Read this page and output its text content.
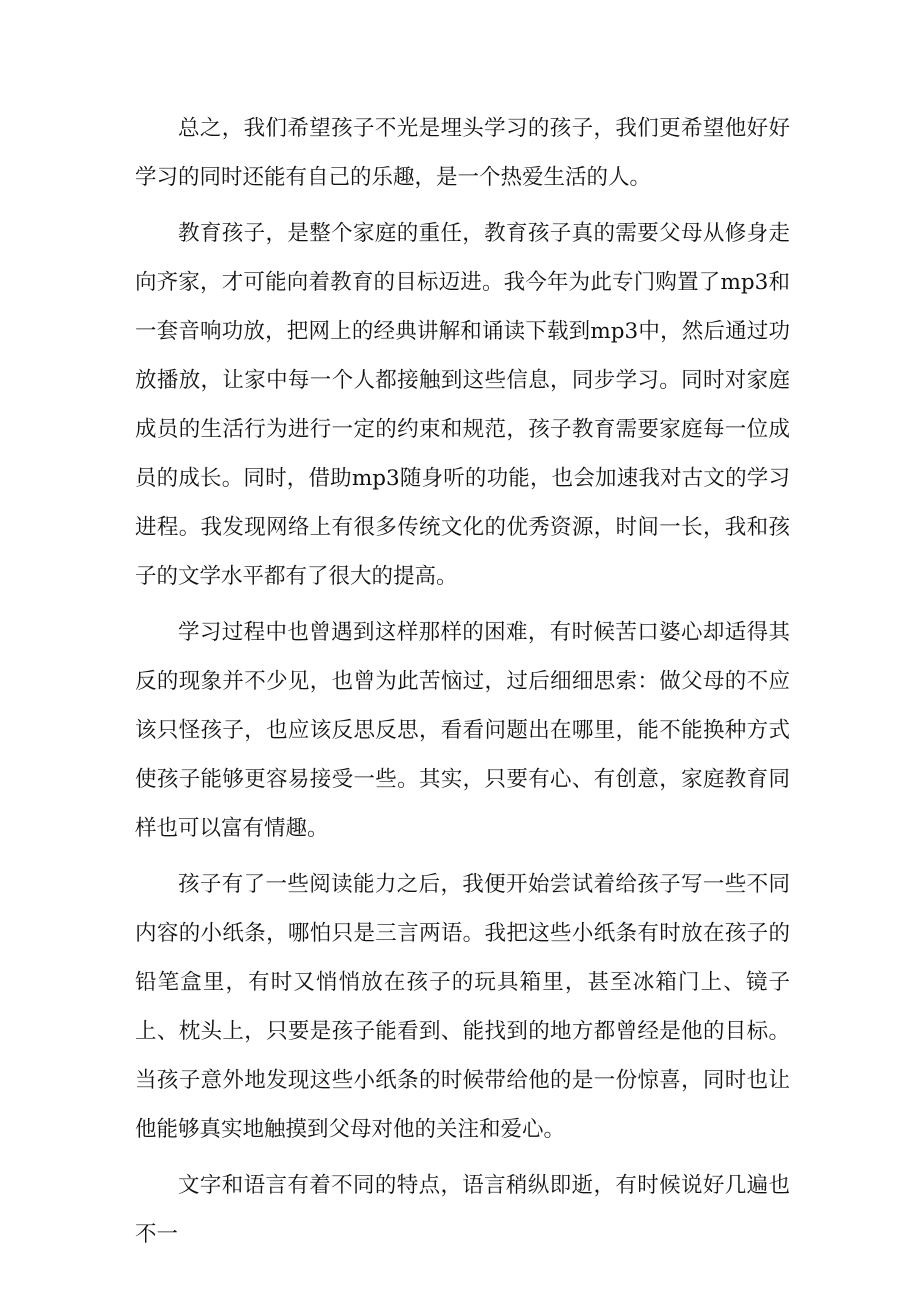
总之，我们希望孩子不光是埋头学习的孩子，我们更希望他好好学习的同时还能有自己的乐趣，是一个热爱生活的人。

教育孩子，是整个家庭的重任，教育孩子真的需要父母从修身走向齐家，才可能向着教育的目标迈进。我今年为此专门购置了mp3和一套音响功放，把网上的经典讲解和诵读下载到mp3中，然后通过功放播放，让家中每一个人都接触到这些信息，同步学习。同时对家庭成员的生活行为进行一定的约束和规范，孩子教育需要家庭每一位成员的成长。同时，借助mp3随身听的功能，也会加速我对古文的学习进程。我发现网络上有很多传统文化的优秀资源，时间一长，我和孩子的文学水平都有了很大的提高。

学习过程中也曾遇到这样那样的困难，有时候苦口婆心却适得其反的现象并不少见，也曾为此苦恼过，过后细细思索：做父母的不应该只怪孩子，也应该反思反思，看看问题出在哪里，能不能换种方式使孩子能够更容易接受一些。其实，只要有心、有创意，家庭教育同样也可以富有情趣。

孩子有了一些阅读能力之后，我便开始尝试着给孩子写一些不同内容的小纸条，哪怕只是三言两语。我把这些小纸条有时放在孩子的铅笔盒里，有时又悄悄放在孩子的玩具箱里，甚至冰箱门上、镜子上、枕头上，只要是孩子能看到、能找到的地方都曾经是他的目标。当孩子意外地发现这些小纸条的时候带给他的是一份惊喜，同时也让他能够真实地触摸到父母对他的关注和爱心。

文字和语言有着不同的特点，语言稍纵即逝，有时候说好几遍也不一
